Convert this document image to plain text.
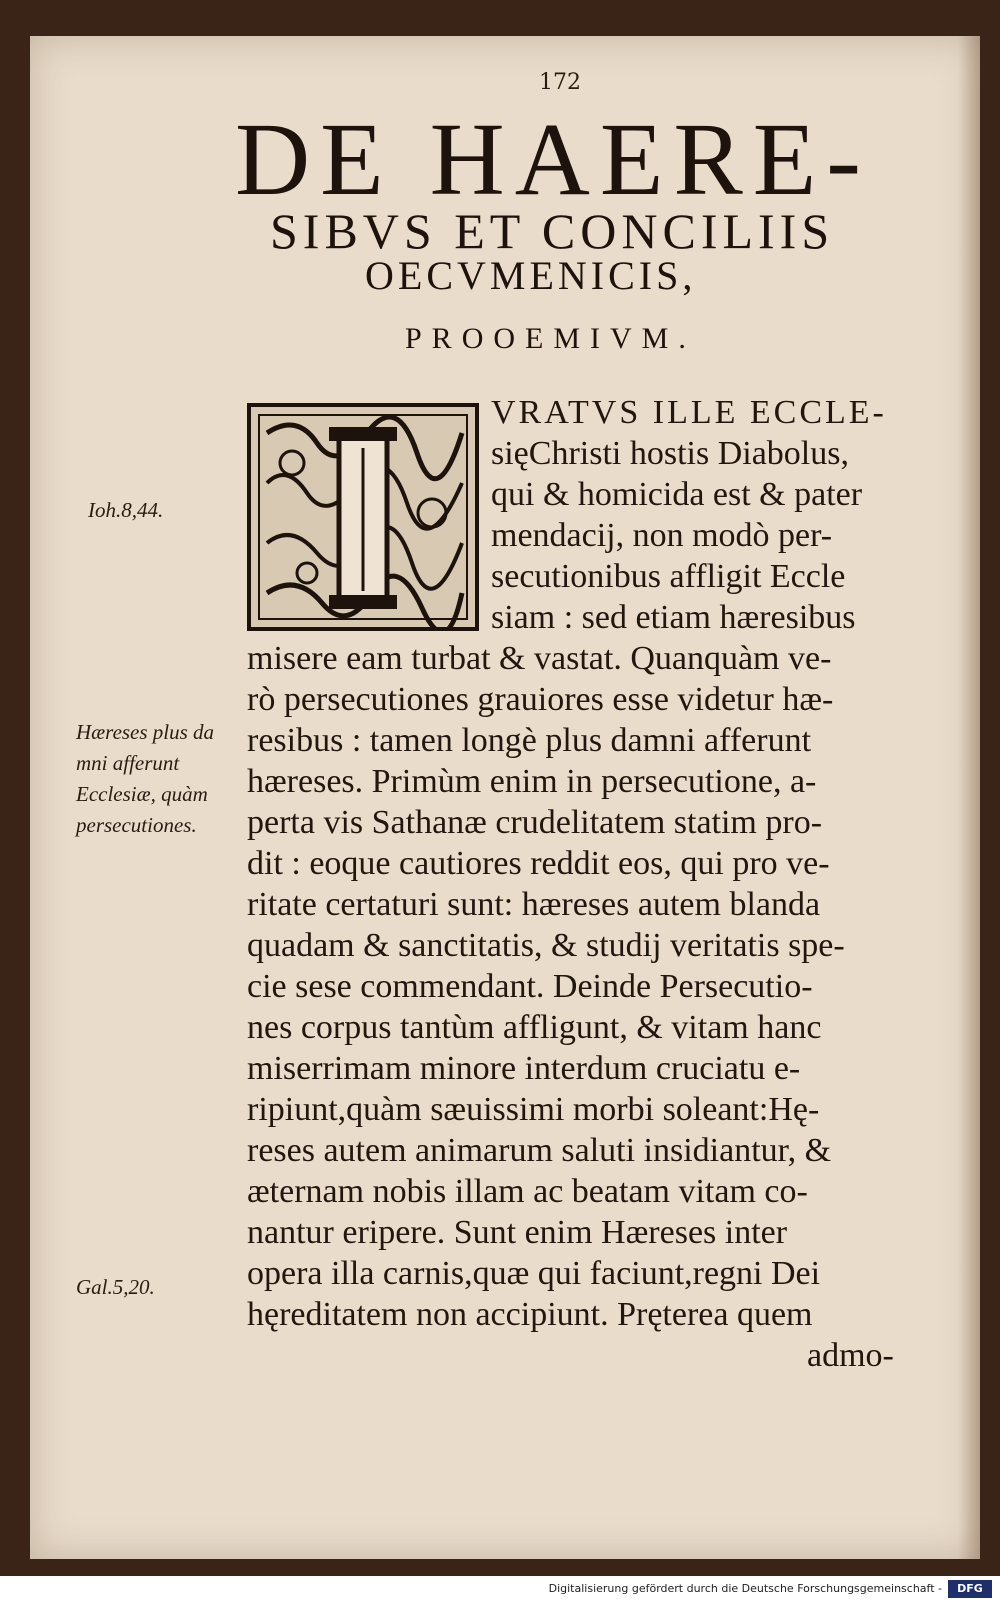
172
DE HAERE-
SIBVS ET CONCILIIS
OECVMENICIS,
PROOEMIVM.
VRATVS ILLE ECCLE-
sięChristi hostis Diabolus,
qui & homicida est & pater
mendacij, non modò per-
secutionibus affligit Eccle
siam : sed etiam hæresibus
misere eam turbat & vastat. Quanquàm ve-
rò persecutiones grauiores esse videtur hæ-
resibus : tamen longè plus damni afferunt
hæreses. Primùm enim in persecutione, a-
perta vis Sathanæ crudelitatem statim pro-
dit : eoque cautiores reddit eos, qui pro ve-
ritate certaturi sunt: hæreses autem blanda
quadam & sanctitatis, & studij veritatis spe-
cie sese commendant. Deinde Persecutio-
nes corpus tantùm affligunt, & vitam hanc
miserrimam minore interdum cruciatu e-
ripiunt,quàm sæuissimi morbi soleant:Hę-
reses autem animarum saluti insidiantur, &
æternam nobis illam ac beatam vitam co-
nantur eripere. Sunt enim Hæreses inter
opera illa carnis,quæ qui faciunt,regni Dei
hęreditatem non accipiunt. Pręterea quem
admo-
Ioh.8,44.
Hæreses plus da
mni afferunt
Ecclesiæ, quàm
persecutiones.
Gal.5,20.
Digitalisierung gefördert durch die Deutsche Forschungsgemeinschaft -	DFG
